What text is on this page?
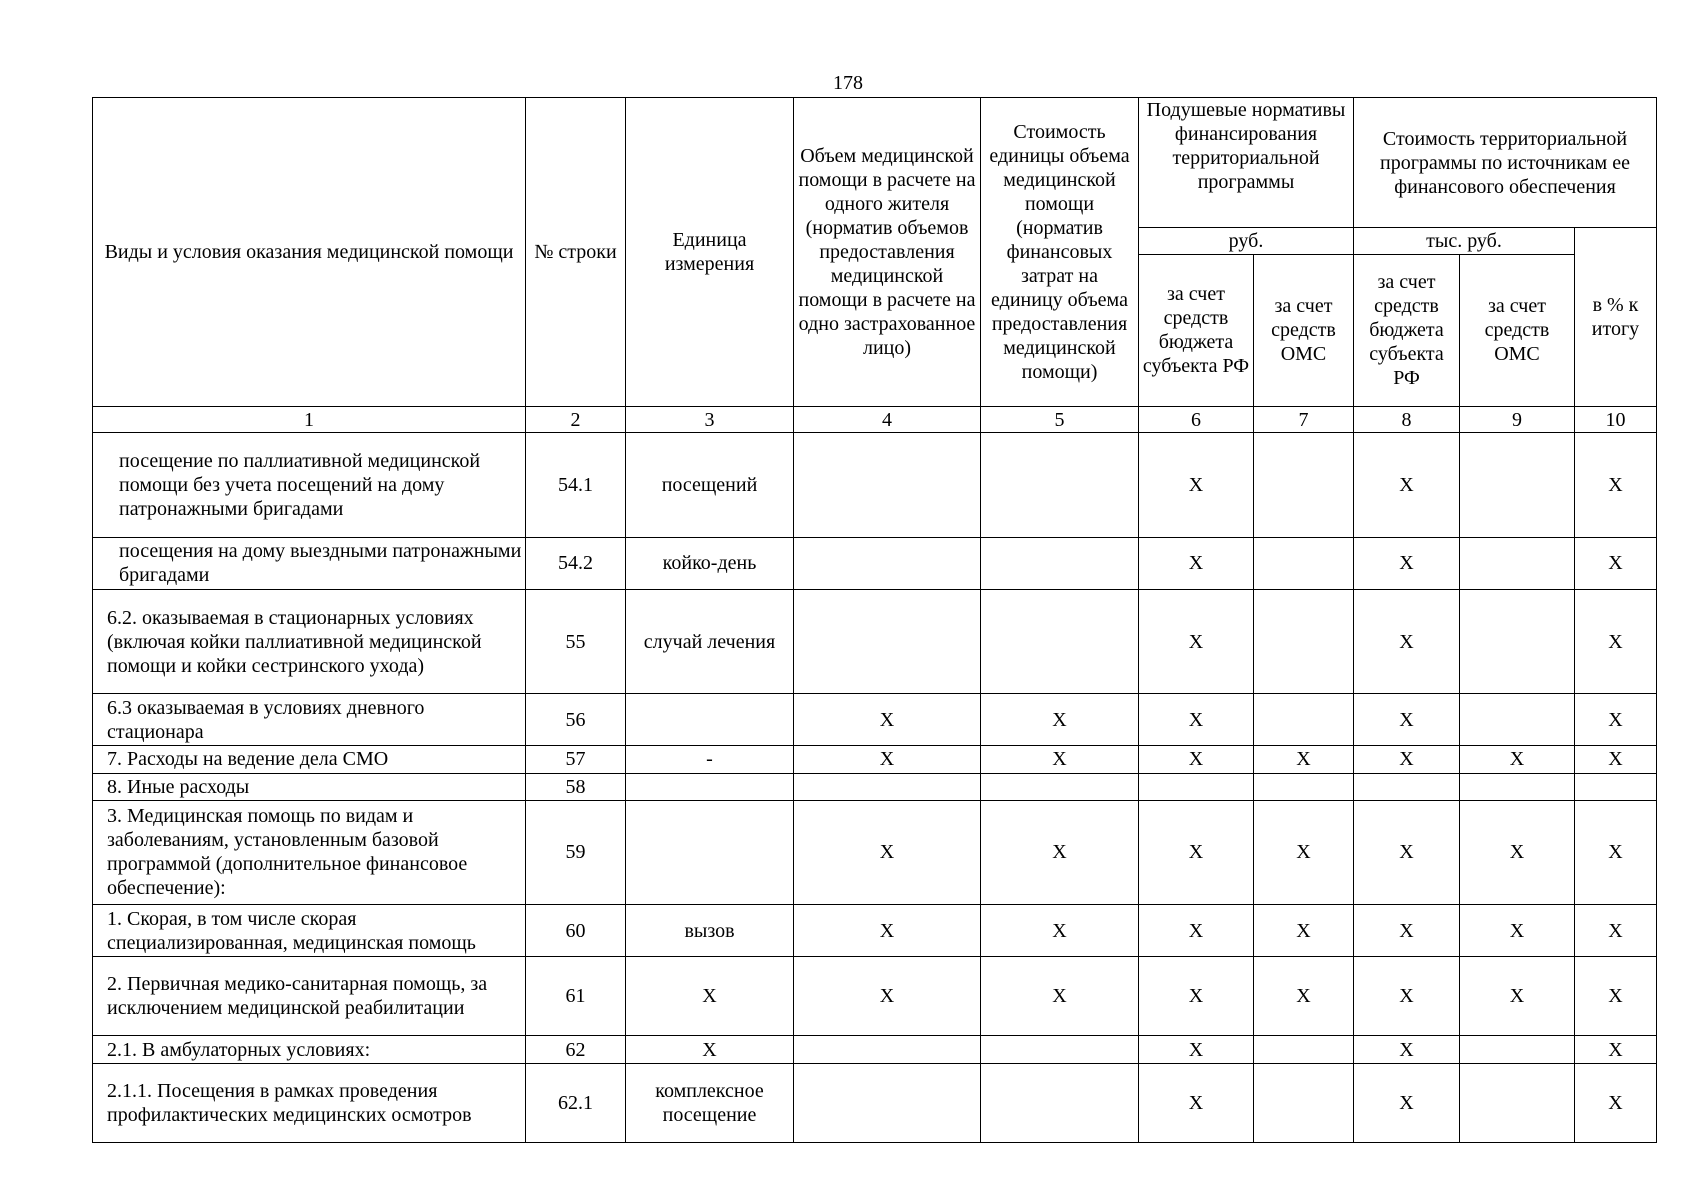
178
Виды и условия оказания медицинской помощи	№ строки	Единица измерения	Объем медицинской помощи в расчете на одного жителя (норматив объемов предоставления медицинской помощи в расчете на одно застрахованное лицо)	Стоимость единицы объема медицинской помощи (норматив финансовых затрат на единицу объема предоставления медицинской помощи)	Подушевые нормативы финансирования территориальной программы		Стоимость территориальной программы по источникам ее финансового обеспечения		
					руб.		тыс. руб.		в % к итогу
					за счет средств бюджета субъекта РФ	за счет средств ОМС	за счет средств бюджета субъекта РФ	за счет средств ОМС	
1	2	3	4	5	6	7	8	9	10
посещение по паллиативной медицинской помощи без учета посещений на дому патронажными бригадами	54.1	посещений			X		X		X
посещения на дому выездными патронажными бригадами	54.2	койко-день			X		X		X
6.2. оказываемая в стационарных условиях (включая койки паллиативной медицинской помощи и койки сестринского ухода)	55	случай лечения			X		X		X
6.3 оказываемая в условиях дневного стационара	56		X	X	X		X		X
7. Расходы на ведение дела СМО	57	-	X	X	X	X	X	X	X
8. Иные расходы	58								
3. Медицинская помощь по видам и заболеваниям, установленным базовой программой (дополнительное финансовое обеспечение):	59		X	X	X	X	X	X	X
1. Скорая, в том числе скорая специализированная, медицинская помощь	60	вызов	X	X	X	X	X	X	X
2. Первичная медико-санитарная помощь, за исключением медицинской реабилитации	61	X	X	X	X	X	X	X	X
2.1. В амбулаторных условиях:	62	X			X		X		X
2.1.1. Посещения в рамках проведения профилактических медицинских осмотров	62.1	комплексное посещение			X		X		X
